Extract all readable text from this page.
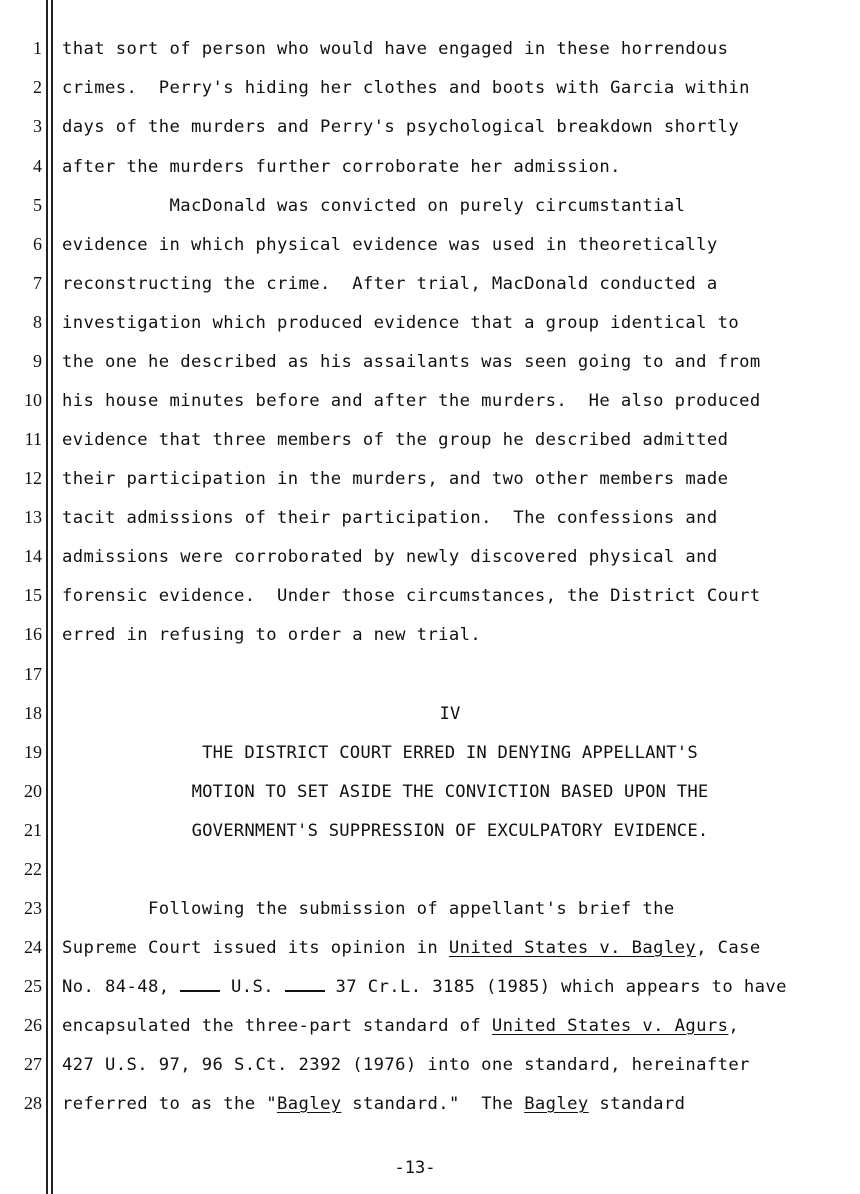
1
2
3
4
5
6
7
8
9
10
11
12
13
14
15
16
17
18
19
20
21
22
23
24
25
26
27
28
that sort of person who would have engaged in these horrendous
crimes.  Perry's hiding her clothes and boots with Garcia within
days of the murders and Perry's psychological breakdown shortly
after the murders further corroborate her admission.
MacDonald was convicted on purely circumstantial
evidence in which physical evidence was used in theoretically
reconstructing the crime.  After trial, MacDonald conducted a
investigation which produced evidence that a group identical to
the one he described as his assailants was seen going to and from
his house minutes before and after the murders.  He also produced
evidence that three members of the group he described admitted
their participation in the murders, and two other members made
tacit admissions of their participation.  The confessions and
admissions were corroborated by newly discovered physical and
forensic evidence.  Under those circumstances, the District Court
erred in refusing to order a new trial.
IV
THE DISTRICT COURT ERRED IN DENYING APPELLANT'S
MOTION TO SET ASIDE THE CONVICTION BASED UPON THE
GOVERNMENT'S SUPPRESSION OF EXCULPATORY EVIDENCE.
Following the submission of appellant's brief the
Supreme Court issued its opinion in United States v. Bagley, Case
No. 84-48,  U.S.  37 Cr.L. 3185 (1985) which appears to have
encapsulated the three-part standard of United States v. Agurs,
427 U.S. 97, 96 S.Ct. 2392 (1976) into one standard, hereinafter
referred to as the "Bagley standard."  The Bagley standard
-13-
